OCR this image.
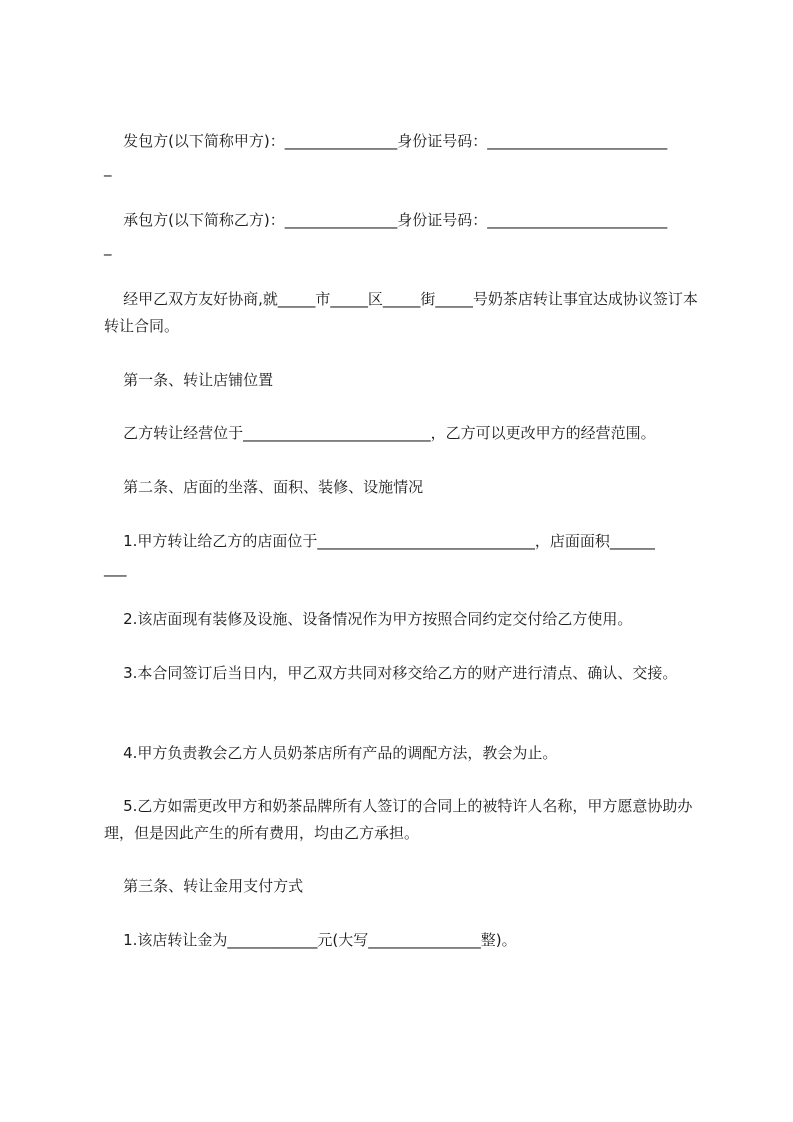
发包方(以下简称甲方)：_______________身份证号码：________________________
_

承包方(以下简称乙方)：_______________身份证号码：________________________
_

经甲乙双方友好协商,就_____市_____区_____街_____号奶茶店转让事宜达成协议签订本转让合同。

第一条、转让店铺位置

乙方转让经营位于_________________________，乙方可以更改甲方的经营范围。

第二条、店面的坐落、面积、装修、设施情况

1.甲方转让给乙方的店面位于_____________________________，店面面积______
___

2.该店面现有装修及设施、设备情况作为甲方按照合同约定交付给乙方使用。

3.本合同签订后当日内，甲乙双方共同对移交给乙方的财产进行清点、确认、交接。

4.甲方负责教会乙方人员奶茶店所有产品的调配方法，教会为止。

5.乙方如需更改甲方和奶茶品牌所有人签订的合同上的被特许人名称，甲方愿意协助办理，但是因此产生的所有费用，均由乙方承担。

第三条、转让金用支付方式

1.该店转让金为____________元(大写_______________整)。
